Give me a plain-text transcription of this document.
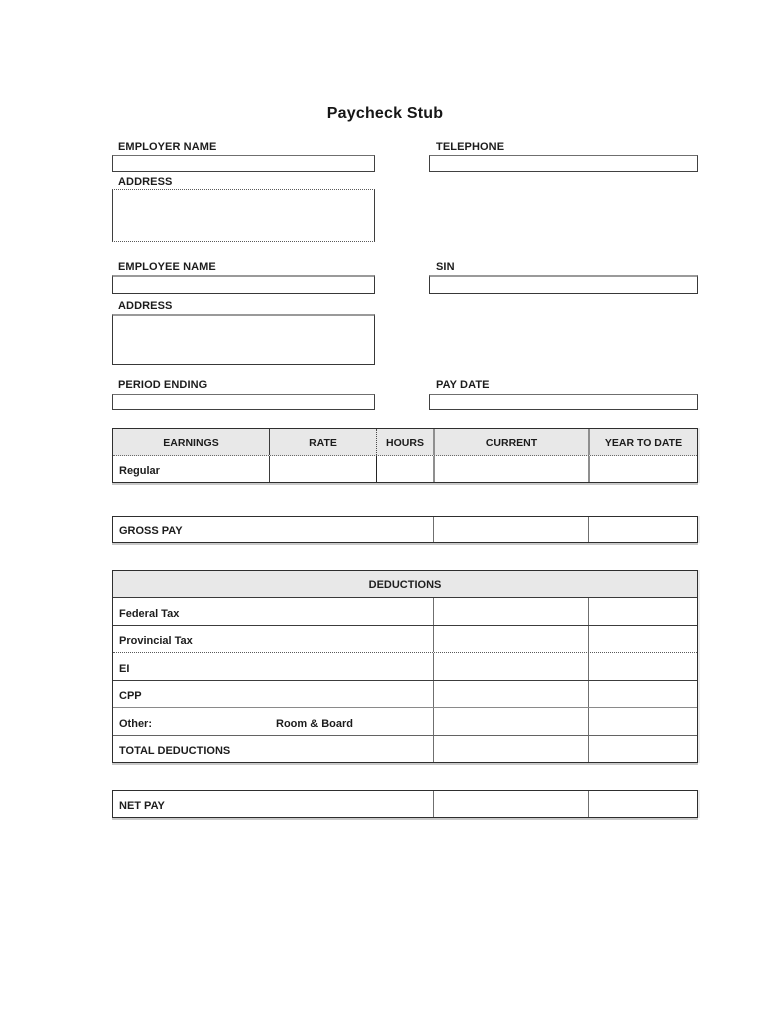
Paycheck Stub
EMPLOYER NAME	TELEPHONE
ADDRESS
EMPLOYEE NAME	SIN
ADDRESS
PERIOD ENDING	PAY DATE
EARNINGS	RATE	HOURS	CURRENT	YEAR TO DATE
Regular
GROSS PAY
DEDUCTIONS
Federal Tax
Provincial Tax
EI
CPP
Other:	Room & Board
TOTAL DEDUCTIONS
NET PAY
